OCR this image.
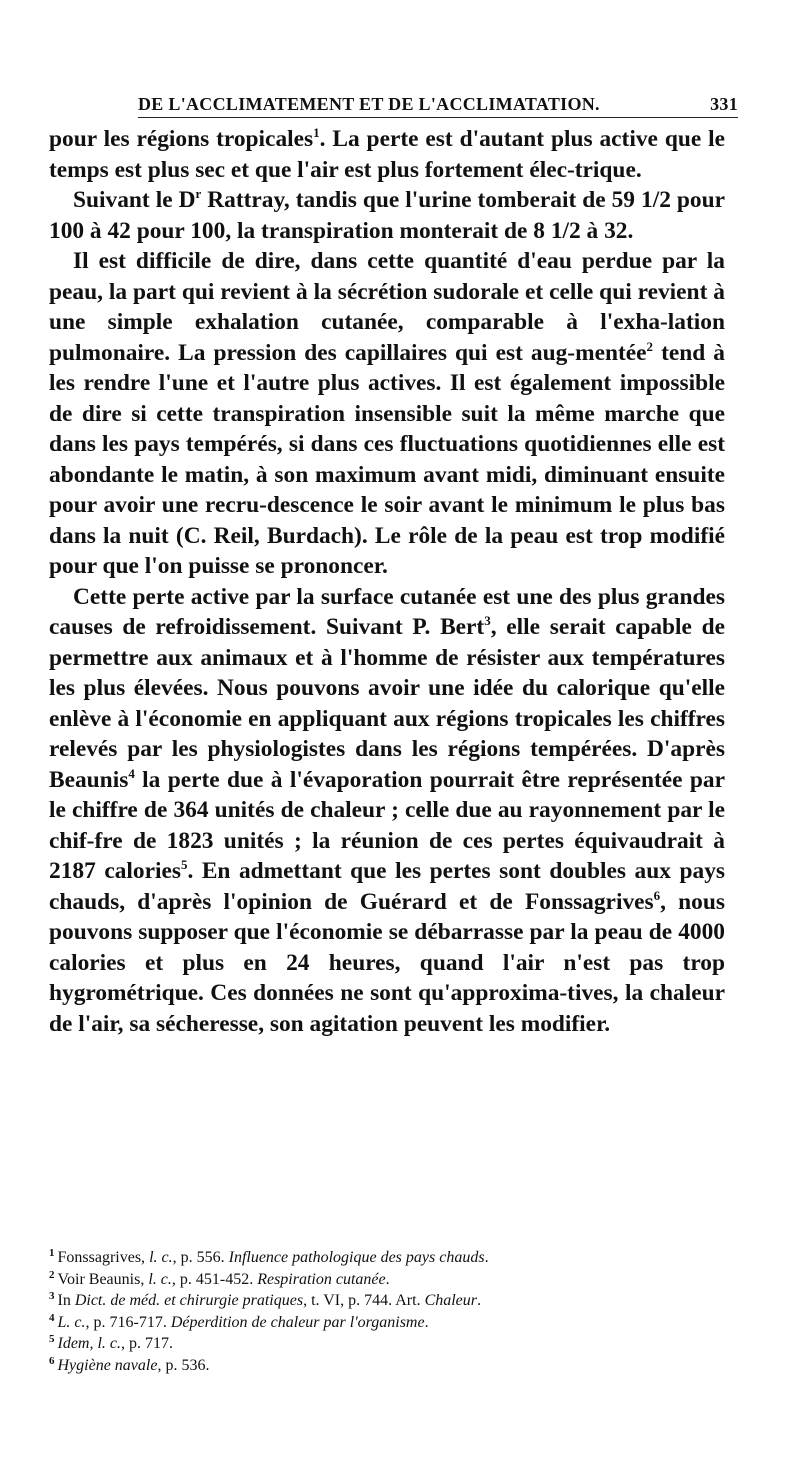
DE L'ACCLIMATEMENT ET DE L'ACCLIMATATION.	331

pour les régions tropicales$^1$. La perte est d'autant plus active que le temps est plus sec et que l'air est plus fortement élec-trique.

Suivant le $D^r$ Rattray, tandis que l'urine tomberait de 59 1/2 pour 100 à 42 pour 100, la transpiration monterait de 8 1/2 à 32.

Il est difficile de dire, dans cette quantité d'eau perdue par la peau, la part qui revient à la sécrétion sudorale et celle qui revient à une simple exhalation cutanée, comparable à l'exha-lation pulmonaire. La pression des capillaires qui est aug-mentée$^2$ tend à les rendre l'une et l'autre plus actives. Il est également impossible de dire si cette transpiration insensible suit la même marche que dans les pays tempérés, si dans ces fluctuations quotidiennes elle est abondante le matin, à son maximum avant midi, diminuant ensuite pour avoir une recru-descence le soir avant le minimum le plus bas dans la nuit (C. Reil, Burdach). Le rôle de la peau est trop modifié pour que l'on puisse se prononcer.

Cette perte active par la surface cutanée est une des plus grandes causes de refroidissement. Suivant P. Bert$^3$, elle serait capable de permettre aux animaux et à l'homme de résister aux températures les plus élevées. Nous pouvons avoir une idée du calorique qu'elle enlève à l'économie en appliquant aux régions tropicales les chiffres relevés par les physiologistes dans les régions tempérées. D'après Beaunis$^4$ la perte due à l'évaporation pourrait être représentée par le chiffre de 364 unités de chaleur ; celle due au rayonnement par le chif-fre de 1823 unités ; la réunion de ces pertes équivaudrait à 2187 calories$^5$. En admettant que les pertes sont doubles aux pays chauds, d'après l'opinion de Guérard et de Fonssagrives$^6$, nous pouvons supposer que l'économie se débarrasse par la peau de 4000 calories et plus en 24 heures, quand l'air n'est pas trop hygrométrique. Ces données ne sont qu'approxima-tives, la chaleur de l'air, sa sécheresse, son agitation peuvent les modifier.

$^1$ Fonssagrives, l. c., p. 556. Influence pathologique des pays chauds.
$^2$ Voir Beaunis, l. c., p. 451-452. Respiration cutanée.
$^3$ In Dict. de méd. et chirurgie pratiques, t. VI, p. 744. Art. Chaleur.
$^4$ L. c., p. 716-717. Déperdition de chaleur par l'organisme.
$^5$ Idem, l. c., p. 717.
$^6$ Hygiène navale, p. 536.
